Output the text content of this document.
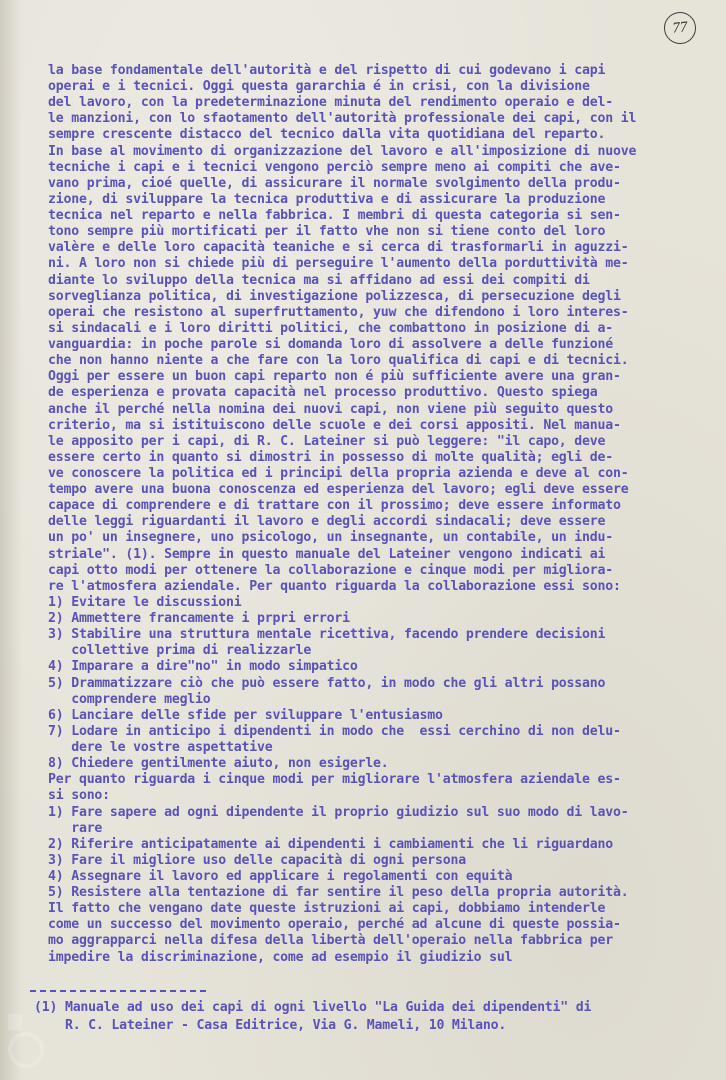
77
la base fondamentale dell'autorità e del rispetto di cui godevano i capi
operai e i tecnici. Oggi questa gararchia é in crisi, con la divisione
del lavoro, con la predeterminazione minuta del rendimento operaio e del-
le manzioni, con lo sfaotamento dell'autorità professionale dei capi, con il
sempre crescente distacco del tecnico dalla vita quotidiana del reparto.
In base al movimento di organizzazione del lavoro e all'imposizione di nuove
tecniche i capi e i tecnici vengono perciò sempre meno ai compiti che ave-
vano prima, cioé quelle, di assicurare il normale svolgimento della produ-
zione, di sviluppare la tecnica produttiva e di assicurare la produzione
tecnica nel reparto e nella fabbrica. I membri di questa categoria si sen-
tono sempre più mortificati per il fatto vhe non si tiene conto del loro
valère e delle loro capacità teaniche e si cerca di trasformarli in aguzzi-
ni. A loro non si chiede più di perseguire l'aumento della porduttività me-
diante lo sviluppo della tecnica ma si affidano ad essi dei compiti di
sorveglianza politica, di investigazione polizzesca, di persecuzione degli
operai che resistono al superfruttamento, yuw che difendono i loro interes-
si sindacali e i loro diritti politici, che combattono in posizione di a-
vanguardia: in poche parole si domanda loro di assolvere a delle funzioné
che non hanno niente a che fare con la loro qualifica di capi e di tecnici.
Oggi per essere un buon capi reparto non é più sufficiente avere una gran-
de esperienza e provata capacità nel processo produttivo. Questo spiega
anche il perché nella nomina dei nuovi capi, non viene più seguito questo
criterio, ma si istituiscono delle scuole e dei corsi appositi. Nel manua-
le apposito per i capi, di R. C. Lateiner si può leggere: "il capo, deve
essere certo in quanto si dimostri in possesso di molte qualità; egli de-
ve conoscere la politica ed i principi della propria azienda e deve al con-
tempo avere una buona conoscenza ed esperienza del lavoro; egli deve essere
capace di comprendere e di trattare con il prossimo; deve essere informato
delle leggi riguardanti il lavoro e degli accordi sindacali; deve essere
un po' un insegnere, uno psicologo, un insegnante, un contabile, un indu-
striale". (1). Sempre in questo manuale del Lateiner vengono indicati ai
capi otto modi per ottenere la collaborazione e cinque modi per migliora-
re l'atmosfera aziendale. Per quanto riguarda la collaborazione essi sono:
1) Evitare le discussioni
2) Ammettere francamente i prpri errori
3) Stabilire una struttura mentale ricettiva, facendo prendere decisioni
collettive prima di realizzarle
4) Imparare a dire"no" in modo simpatico
5) Drammatizzare ciò che può essere fatto, in modo che gli altri possano
comprendere meglio
6) Lanciare delle sfide per sviluppare l'entusiasmo
7) Lodare in anticipo i dipendenti in modo che  essi cerchino di non delu-
dere le vostre aspettative
8) Chiedere gentilmente aiuto, non esigerle.
Per quanto riguarda i cinque modi per migliorare l'atmosfera aziendale es-
si sono:
1) Fare sapere ad ogni dipendente il proprio giudizio sul suo modo di lavo-
rare
2) Riferire anticipatamente ai dipendenti i cambiamenti che li riguardano
3) Fare il migliore uso delle capacità di ogni persona
4) Assegnare il lavoro ed applicare i regolamenti con equità
5) Resistere alla tentazione di far sentire il peso della propria autorità.
Il fatto che vengano date queste istruzioni ai capi, dobbiamo intenderle
come un successo del movimento operaio, perché ad alcune di queste possia-
mo aggrapparci nella difesa della libertà dell'operaio nella fabbrica per
impedire la discriminazione, come ad esempio il giudizio sul
(1) Manuale ad uso dei capi di ogni livello "La Guida dei dipendenti" di
R. C. Lateiner - Casa Editrice, Via G. Mameli, 10 Milano.
